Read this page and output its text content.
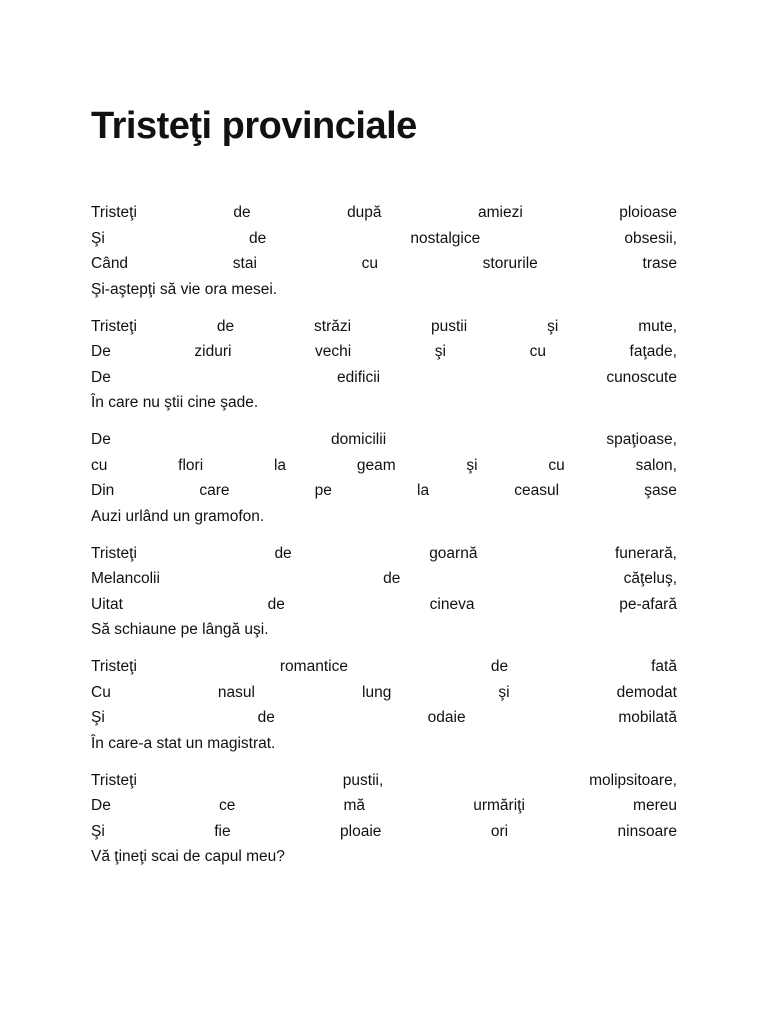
Tristeţi provinciale
Tristeţi	de	după	amiezi	ploioase
Şi	de	nostalgice	obsesii,
Când	stai	cu	storurile	trase
Şi-aştepţi să vie ora mesei.
Tristeţi	de	străzi	pustii	şi	mute,
De	ziduri	vechi	şi	cu	faţade,
De	edificii	cunoscute
În care nu ştii cine şade.
De	domicilii	spaţioase,
cu	flori	la	geam	şi	cu	salon,
Din	care	pe	la	ceasul	şase
Auzi urlând un gramofon.
Tristeţi	de	goarnă	funerară,
Melancolii	de	căţeluş,
Uitat	de	cineva	pe-afară
Să schiaune pe lângă uşi.
Tristeţi	romantice	de	fată
Cu	nasul	lung	şi	demodat
Şi	de	odaie	mobilată
În care-a stat un magistrat.
Tristeţi	pustii,	molipsitoare,
De	ce	mă	urmăriţi	mereu
Şi	fie	ploaie	ori	ninsoare
Vă ţineţi scai de capul meu?
